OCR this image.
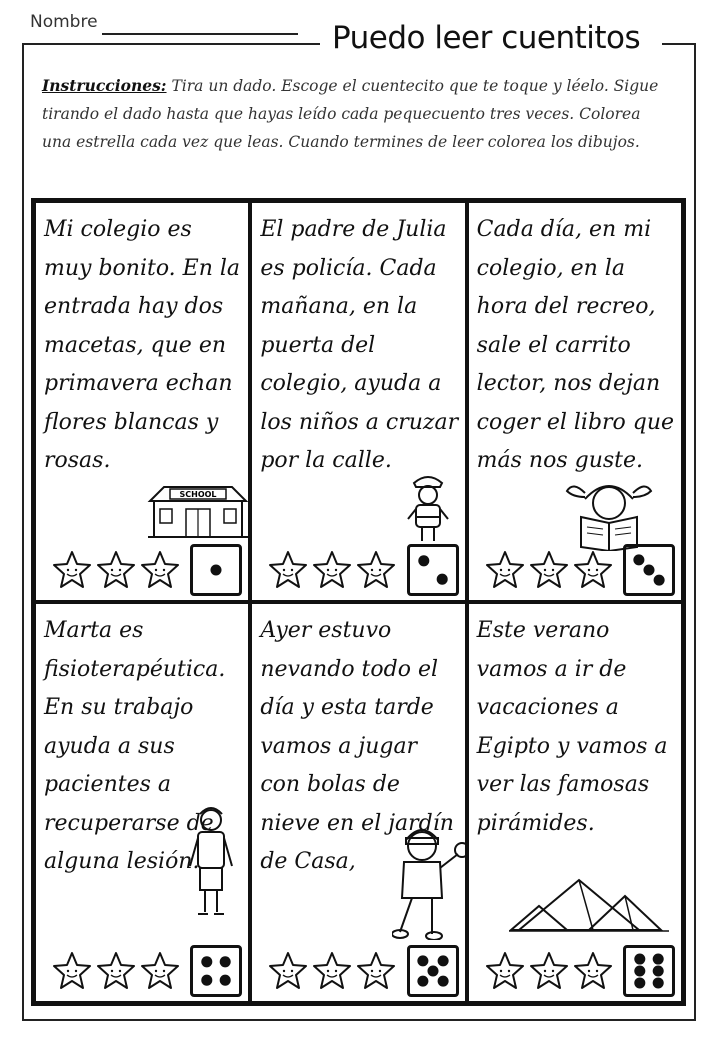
Nombre	Puedo leer cuentitos
Instrucciones: Tira un dado. Escoge el cuentecito que te toque y léelo. Sigue tirando el dado hasta que hayas leído cada pequecuento tres veces. Colorea una estrella cada vez que leas. Cuando termines de leer colorea los dibujos.
Mi colegio es muy bonito. En la entrada hay dos macetas, que en primavera echan flores blancas y rosas.
SCHOOL
El padre de Julia es policía. Cada mañana, en la puerta del colegio, ayuda a los niños a cruzar por la calle.
Cada día, en mi colegio, en la hora del recreo, sale el carrito lector, nos dejan coger el libro que más nos guste.
Marta es fisioterapéutica. En su trabajo ayuda a sus pacientes a recuperarse de alguna lesión.
Ayer estuvo nevando todo el día y esta tarde vamos a jugar con bolas de nieve en el jardín de Casa,
Este verano vamos a ir de vacaciones a Egipto y vamos a ver las famosas pirámides.
